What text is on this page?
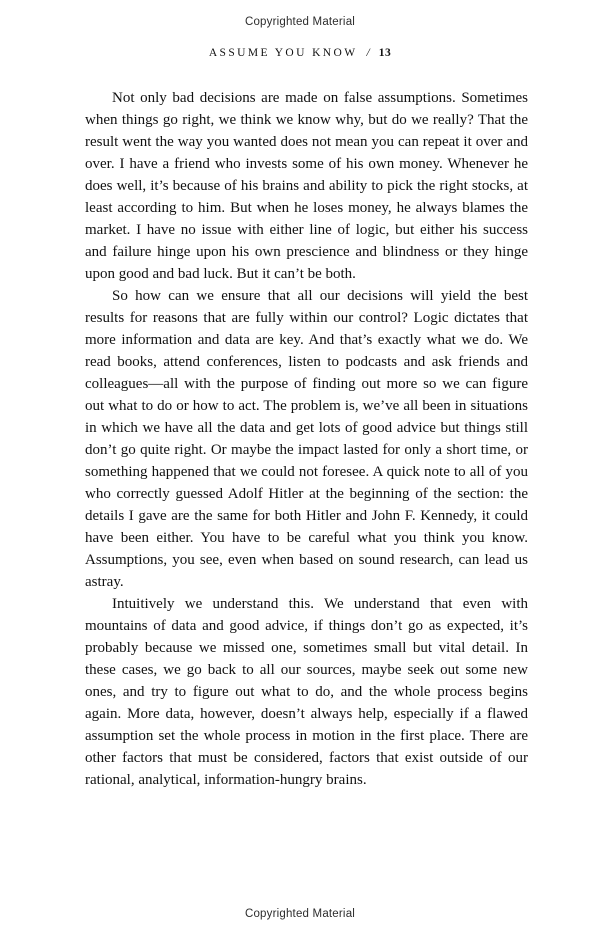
Copyrighted Material
ASSUME YOU KNOW / 13

Not only bad decisions are made on false assumptions. Sometimes when things go right, we think we know why, but do we really? That the result went the way you wanted does not mean you can repeat it over and over. I have a friend who invests some of his own money. Whenever he does well, it’s because of his brains and ability to pick the right stocks, at least according to him. But when he loses money, he always blames the market. I have no issue with either line of logic, but either his success and failure hinge upon his own prescience and blindness or they hinge upon good and bad luck. But it can’t be both.

So how can we ensure that all our decisions will yield the best results for reasons that are fully within our control? Logic dictates that more information and data are key. And that’s exactly what we do. We read books, attend conferences, listen to podcasts and ask friends and colleagues—all with the purpose of finding out more so we can figure out what to do or how to act. The problem is, we’ve all been in situations in which we have all the data and get lots of good advice but things still don’t go quite right. Or maybe the impact lasted for only a short time, or something happened that we could not foresee. A quick note to all of you who correctly guessed Adolf Hitler at the beginning of the section: the details I gave are the same for both Hitler and John F. Kennedy, it could have been either. You have to be careful what you think you know. Assumptions, you see, even when based on sound research, can lead us astray.

Intuitively we understand this. We understand that even with mountains of data and good advice, if things don’t go as expected, it’s probably because we missed one, sometimes small but vital detail. In these cases, we go back to all our sources, maybe seek out some new ones, and try to figure out what to do, and the whole process begins again. More data, however, doesn’t always help, especially if a flawed assumption set the whole process in motion in the first place. There are other factors that must be considered, factors that exist outside of our rational, analytical, information-hungry brains.

Copyrighted Material
